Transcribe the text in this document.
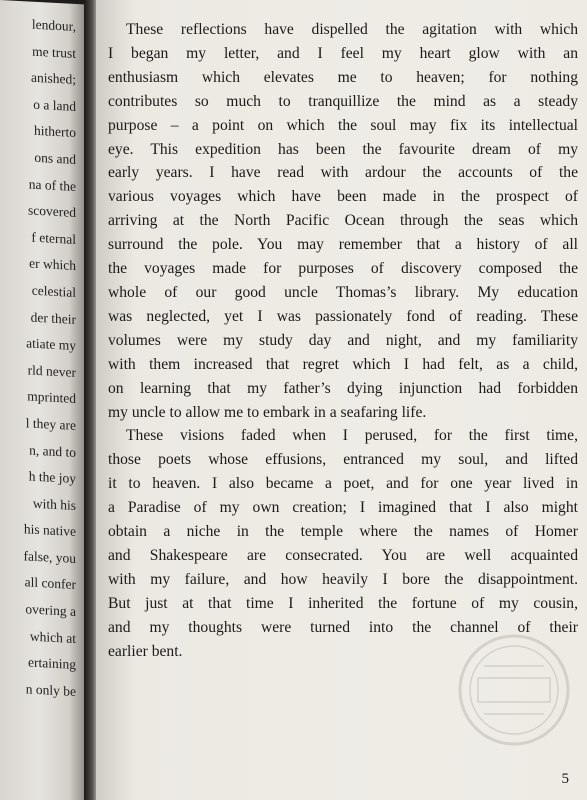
lendour,
me trust
anished;
o a land
hitherto
ons and
na of the
scovered
f eternal
er which
celestial
der their
atiate my
rld never
mprinted
l they are
n, and to
h the joy
with his
his native
false, you
all confer
overing a
which at
ertaining
n only be

These reflections have dispelled the agitation with which
I began my letter, and I feel my heart glow with an
enthusiasm which elevates me to heaven; for nothing
contributes so much to tranquillize the mind as a steady
purpose – a point on which the soul may fix its intellectual
eye. This expedition has been the favourite dream of my
early years. I have read with ardour the accounts of the
various voyages which have been made in the prospect of
arriving at the North Pacific Ocean through the seas which
surround the pole. You may remember that a history of all
the voyages made for purposes of discovery composed the
whole of our good uncle Thomas’s library. My education
was neglected, yet I was passionately fond of reading. These
volumes were my study day and night, and my familiarity
with them increased that regret which I had felt, as a child,
on learning that my father’s dying injunction had forbidden
my uncle to allow me to embark in a seafaring life.

These visions faded when I perused, for the first time,
those poets whose effusions, entranced my soul, and lifted
it to heaven. I also became a poet, and for one year lived in
a Paradise of my own creation; I imagined that I also might
obtain a niche in the temple where the names of Homer
and Shakespeare are consecrated. You are well acquainted
with my failure, and how heavily I bore the disappointment.
But just at that time I inherited the fortune of my cousin,
and my thoughts were turned into the channel of their
earlier bent.

5
